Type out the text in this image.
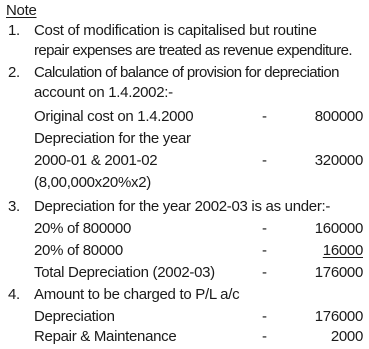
Note
1. Cost of modification is capitalised but routine
repair expenses are treated as revenue expenditure.
2. Calculation of balance of provision for depreciation
account on 1.4.2002:-
Original cost on 1.4.2000	-	800000
Depreciation for the year
2000-01 & 2001-02	-	320000
(8,00,000x20%x2)
3. Depreciation for the year 2002-03 is as under:-
20% of 800000	-	160000
20% of 80000	-	16000
Total Depreciation (2002-03)	-	176000
4. Amount to be charged to P/L a/c
Depreciation	-	176000
Repair & Maintenance	-	2000
